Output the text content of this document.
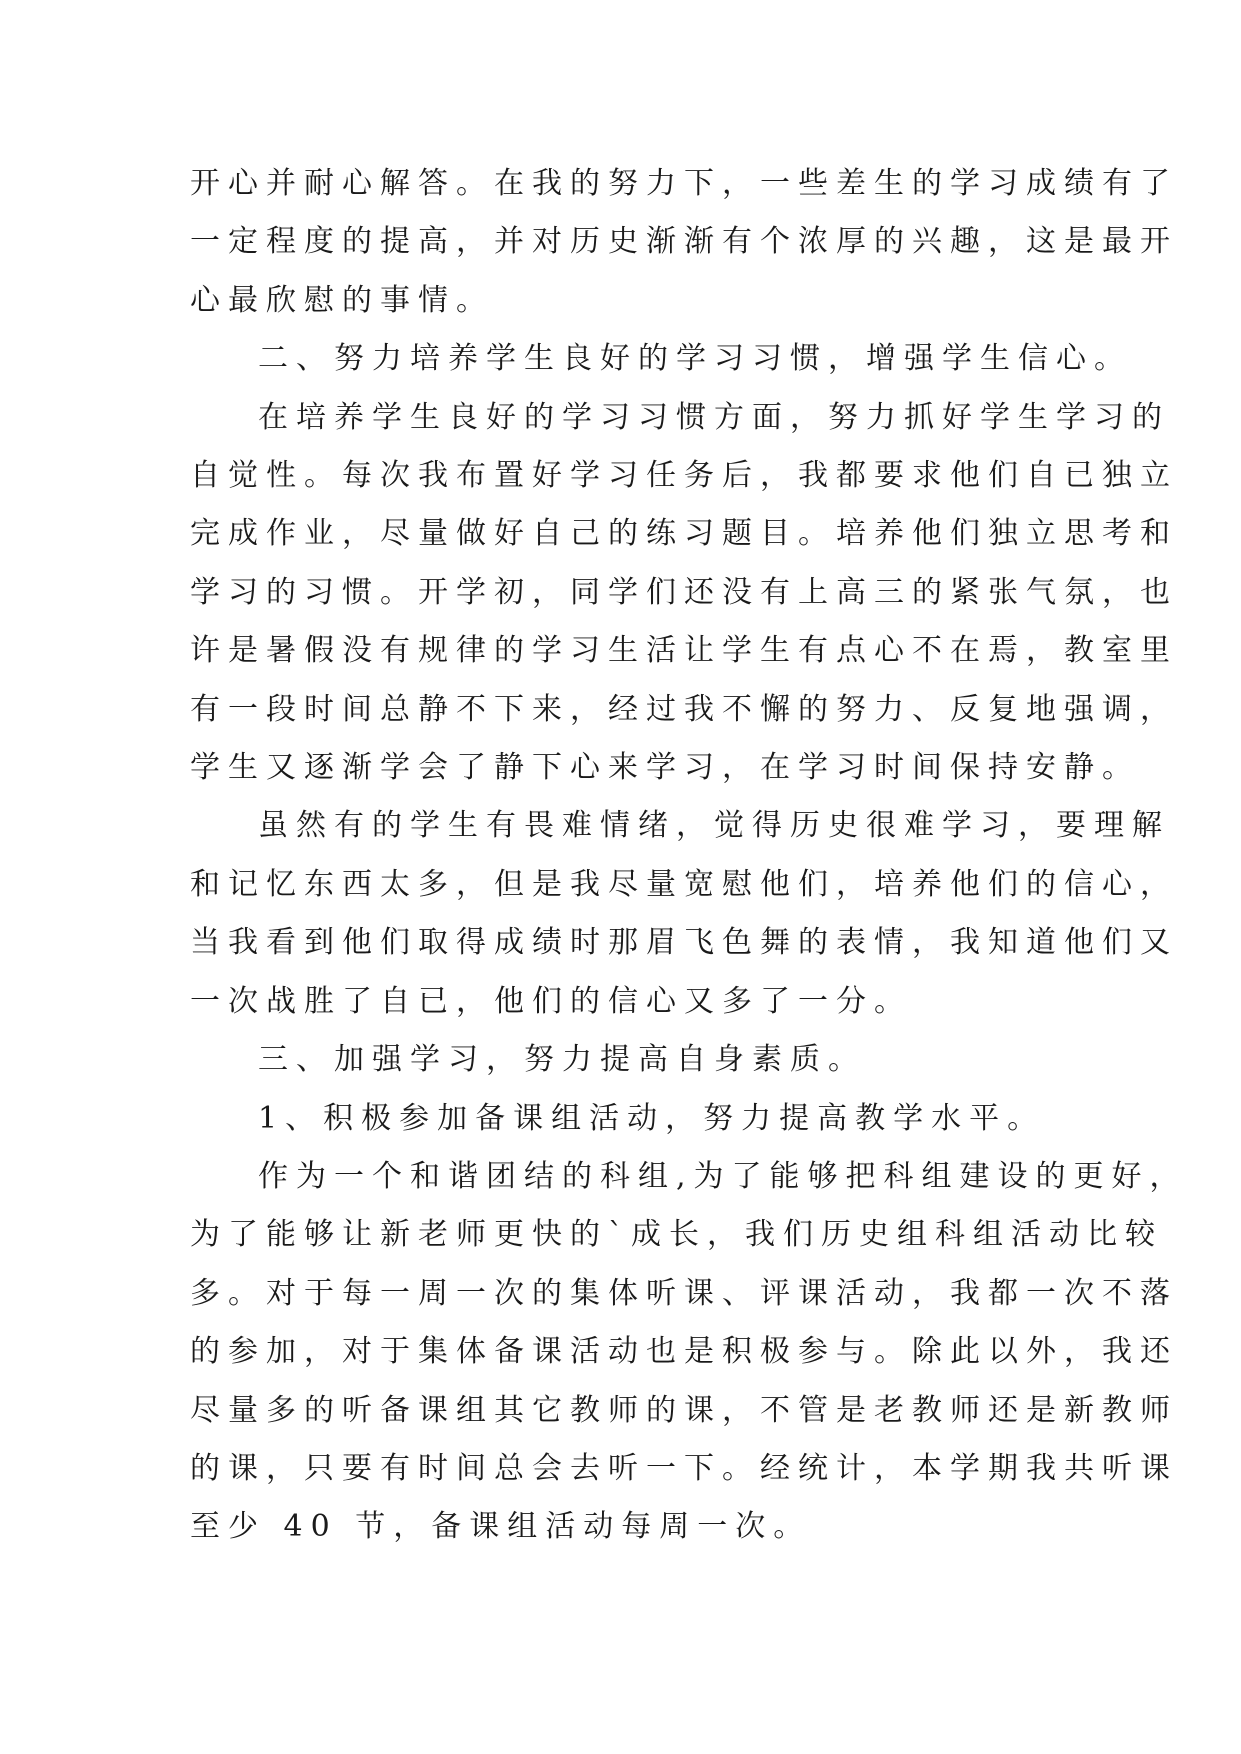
开心并耐心解答。在我的努力下，一些差生的学习成绩有了
一定程度的提高，并对历史渐渐有个浓厚的兴趣，这是最开
心最欣慰的事情。

二、努力培养学生良好的学习习惯，增强学生信心。

在培养学生良好的学习习惯方面，努力抓好学生学习的
自觉性。每次我布置好学习任务后，我都要求他们自已独立
完成作业，尽量做好自己的练习题目。培养他们独立思考和
学习的习惯。开学初，同学们还没有上高三的紧张气氛，也
许是暑假没有规律的学习生活让学生有点心不在焉，教室里
有一段时间总静不下来，经过我不懈的努力、反复地强调，
学生又逐渐学会了静下心来学习，在学习时间保持安静。

虽然有的学生有畏难情绪，觉得历史很难学习，要理解
和记忆东西太多，但是我尽量宽慰他们，培养他们的信心，
当我看到他们取得成绩时那眉飞色舞的表情，我知道他们又
一次战胜了自已，他们的信心又多了一分。

三、加强学习，努力提高自身素质。

1、积极参加备课组活动，努力提高教学水平。

作为一个和谐团结的科组,为了能够把科组建设的更好，
为了能够让新老师更快的`成长，我们历史组科组活动比较
多。对于每一周一次的集体听课、评课活动，我都一次不落
的参加，对于集体备课活动也是积极参与。除此以外，我还
尽量多的听备课组其它教师的课，不管是老教师还是新教师
的课，只要有时间总会去听一下。经统计，本学期我共听课
至少 40 节，备课组活动每周一次。
